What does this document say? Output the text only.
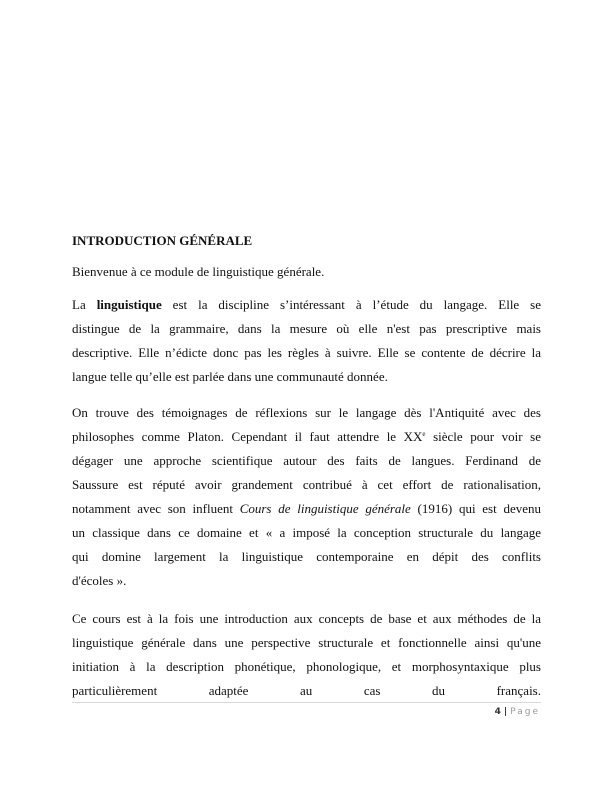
INTRODUCTION GÉNÉRALE
Bienvenue à ce module de linguistique générale.
La linguistique est la discipline s’intéressant à l’étude du langage. Elle se
distingue de la grammaire, dans la mesure où elle n'est pas prescriptive mais
descriptive. Elle n’édicte donc pas les règles à suivre. Elle se contente de décrire la
langue telle qu’elle est parlée dans une communauté donnée.
On trouve des témoignages de réflexions sur le langage dès l'Antiquité avec des
philosophes comme Platon. Cependant il faut attendre le XXe siècle pour voir se
dégager une approche scientifique autour des faits de langues. Ferdinand de
Saussure est réputé avoir grandement contribué à cet effort de rationalisation,
notamment avec son influent Cours de linguistique générale (1916) qui est devenu
un classique dans ce domaine et « a imposé la conception structurale du langage
qui domine largement la linguistique contemporaine en dépit des conflits
d'écoles ».
Ce cours est à la fois une introduction aux concepts de base et aux méthodes de la
linguistique générale dans une perspective structurale et fonctionnelle ainsi qu'une
initiation à la description phonétique, phonologique, et morphosyntaxique plus
particulièrement adaptée au cas du français.
4 | Page
